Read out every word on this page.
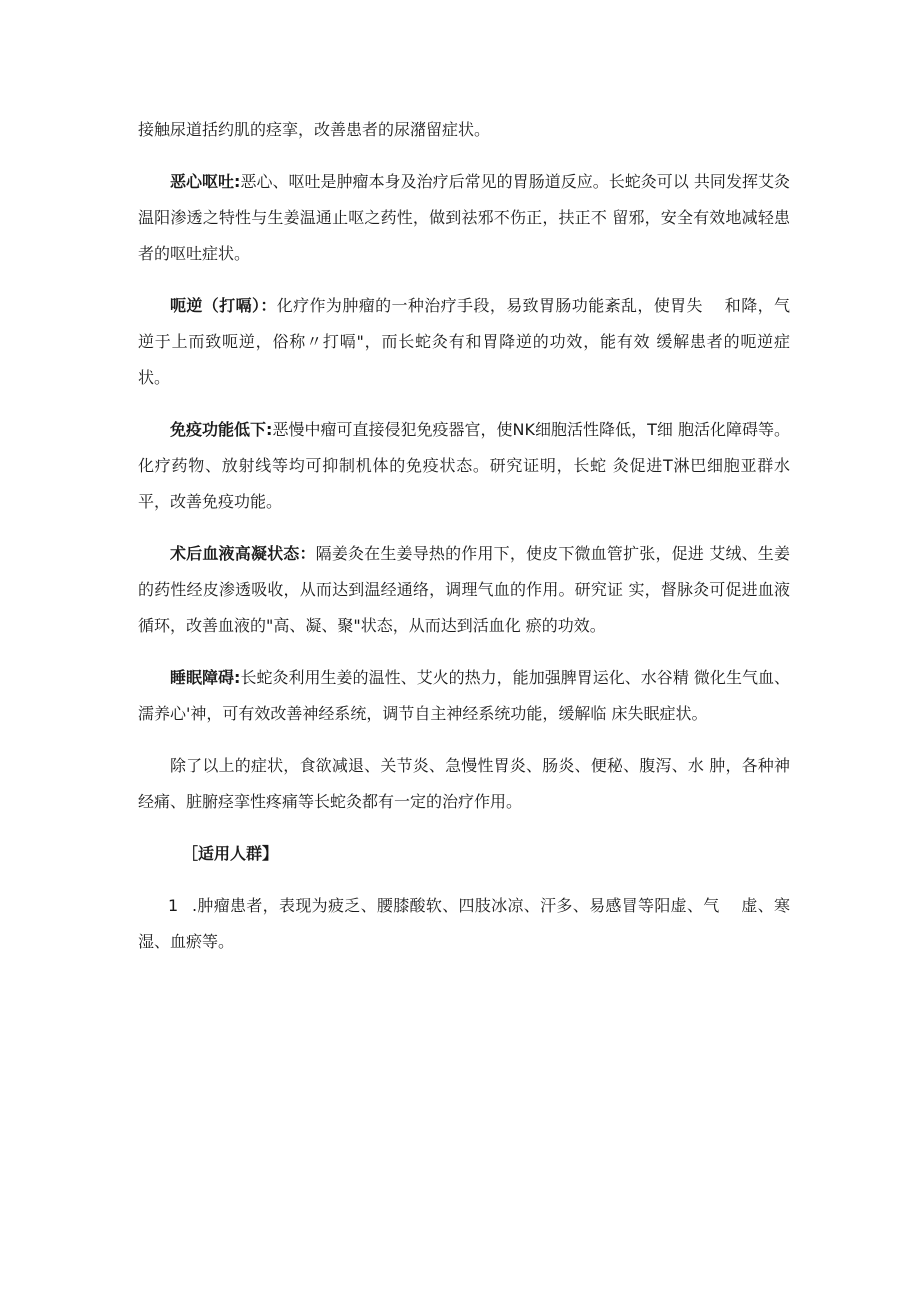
接触尿道括约肌的痉挛，改善患者的尿潴留症状。

恶心呕吐:恶心、呕吐是肿瘤本身及治疗后常见的胃肠道反应。长蛇灸可以 共同发挥艾灸温阳渗透之特性与生姜温通止呕之药性，做到祛邪不伤正，扶正不 留邪，安全有效地减轻患者的呕吐症状。

呃逆（打嗝）：化疗作为肿瘤的一种治疗手段，易致胃肠功能紊乱，使胃失　 和降，气逆于上而致呃逆，俗称〃打嗝"，而长蛇灸有和胃降逆的功效，能有效 缓解患者的呃逆症状。

免疫功能低下:恶慢中瘤可直接侵犯免疫器官，使NK细胞活性降低，T细 胞活化障碍等。化疗药物、放射线等均可抑制机体的免疫状态。研究证明，长蛇 灸促进T淋巴细胞亚群水平，改善免疫功能。

术后血液高凝状态：隔姜灸在生姜导热的作用下，使皮下微血管扩张，促进 艾绒、生姜的药性经皮渗透吸收，从而达到温经通络，调理气血的作用。研究证 实，督脉灸可促进血液循环，改善血液的"高、凝、聚"状态，从而达到活血化 瘀的功效。

睡眠障碍:长蛇灸利用生姜的温性、艾火的热力，能加强脾胃运化、水谷精 微化生气血、濡养心'神，可有效改善神经系统，调节自主神经系统功能，缓解临 床失眠症状。

除了以上的症状，食欲减退、关节炎、急慢性胃炎、肠炎、便秘、腹泻、水 肿，各种神经痛、脏腑痉挛性疼痛等长蛇灸都有一定的治疗作用。

［适用人群】

1 .肿瘤患者，表现为疲乏、腰膝酸软、四肢冰凉、汗多、易感冒等阳虚、气　 虚、寒湿、血瘀等。
